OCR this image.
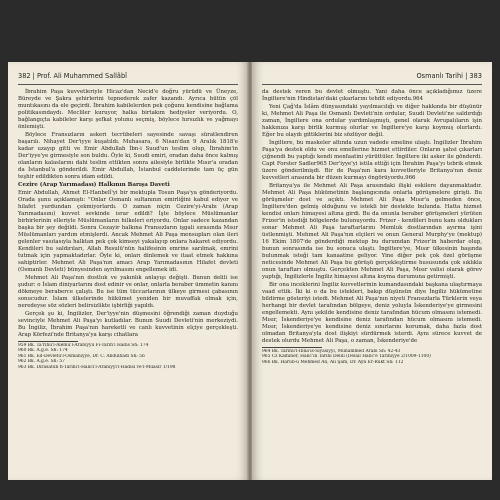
382 | Prof. Ali Muhammed Sallâbî

İbrahim Paşa kuvvetleriyle Hicaz'dan Necid'e doğru yürüdü ve Üneyze, Büreyde ve Şakra şehirlerini tepnederek zafer kazandı. Ayrıca bütün çöl muntıkasını da ele geçirdi. İbrahim kabilelerden pek çoğunu kendisine bağlama politikasındaydı. Mecliler kuruyor, halka birtakım hediyeler veriyordu. O, bağlangıçta kabileler karşı şefkat yolunu seçmiş, böylece hırsızlık ve yağmayı önlemişti.

Böylece Fransızların askeri tecrübeleri sayesinde savaşı süratlendiren başarılı. Nihayet Der'iyye kuşatıldı. Muhasara, 6 Nisan'dan 9 Aralık 1818'e kadar uzayıp gitti ve Emir Abdullah İbn-i Suud'un teslim olup, İbrahim'in Der'iyye'ye girmesiyle son buldu. Öyle ki, Suudi emiri, oradan daha önce kalmış olanların kalaslarını dahi teslim ettikten sonra ailesiyle birlikte Mısır'a oradan da İstanbul'a gönderildi. Emir Abdullah, İstanbul caddelerinde tam üç gün teşhir edildikten sonra idam edildi.

Cezire (Arap Yarımadası) Halkının Barışa Daveti

Emir Abdullah, Ahmet El-Hanbelî'yi bir mektupla Tosun Paşa'ya gönderiyordu. Orada şunu açıklamıştı: "Onlar Osmanlı sultanının emirliğini kabul ediyor ve hilafet yurdundan çekmiyorlardı. O zaman niçin Cezire'yi-Arabı (Arap Yarımadasını) kuvvet sevkinde israr edildi? İşte böylece Müslümanlar birbirlerinin elleriyle Müslümanların hilkeleri eriyordu. Onlar sadece kazandan başka bir şey değildi. Sonra Cezayir halkına Fransızların işgali sırasında Mısır Müslümanları yardım etmişlerdi. Ancak Mehmet Ali Paşa mensupları olan ileri gelenler vasıtasıyla halktan pek çok kimseyi yakalayıp onlara hakaret ediyordu. Kendileri bu saldırıları, Allah Resulü'nün halifesinin emrine sarılmak, emrini tutmak için yapmaktadırlar. Öyle ki, onları dinlemek ve itaat etmek hakkına sahiptirler. Mehmet Ali Paşa'nın amacı Arap Yarımadasının Hilafet devleti (Osmanlı Devleti) bünyesinden ayrılmasını engellemek idi.

Mehmet Ali Paşa'nın dostluk ve yakınlık anlayışı değişti. Bunun delili ise şudur: o İslam diniyarlarını dost edinir ve onlar, onlarla beraber ümmetin kanını dökmeye beraberce çalıştı. Bu ise tüm tüccarlarının ülkeye girmesi çabasının sonucudur. İslam ülkelerinde hükümet yeniden bir muvaffak olmak için, neredeyse söz sözleri belirsizlikte işbirliği yapıldı.

Gerçek şu ki, İngilizler, Der'iyye'nin düşmesini öğrendiği zaman duyduğu sevinciyle Mehmet Ali Paşa'yı kutladılar. Bunun Suudi Devleti'nin merkeziydi. Bu İngiliz, İbrahim Paşa'nın hareketli ve canlı kuvvetinin elçiye gerçekleşti. Arap Körfezi'nde Britanya'ya karşı cihatlara

959 Bk. Ta'rihü'l-Alemü'l-Arabiyyü Fi-Tarih'i Hadis Sh: 174
960 Bk. A.g.e. Sh: 174
961 Bk. Ed-Devletü'l-Osmaniyye, Dr. C. Abdulhadi Sh: 56
962 Bk. A.g.e. Sh: 57
963 Bk. Dirasatün fi-Tarihi'l-Halici'l-Arabiyyi'l-Hadisi ve'l-Muasır 1/198
Osmanlı Tarihi | 383

da destek veren bu devlet olmuştu. Yani daha önce açıkladığımız üzere İngiltere'nin Hindistan'daki çıkarlarını tehdit ediyordu.964

Yeni Çağ'da İslâm dünyasındaki yayılmacılığı ve diğer hakkında bir düşünür ki, Mehmet Ali Paşa ile Osmanlı Devleti'nin ordular, Suudi Devleti'ne saldırdığı zaman, İngiltere ona ordular yardımlaşmıştı, genel olarak Avrupalıların işin hakkınıza karşı birlik kurmuş olurlar ve İngiltere'ye karşı koymuş olurlardı. Eğer bu olaydı gittiklerini biz sözlüyor değil.

İngiltere, bu maskeler altında uzun vadede emeline ulaştı. İngilizler İbrahim Paşa'ya destek oldu ve onu emellerine hizmet ettirdiler. Onların şahsi çıkarları çiğnendi bu yaptığı kendi menfaatini yürüttüler. İngiltere iki asker ile gönderdi. Capt Forster Sadler965 Der'iyye'yi istila ettiği için İbrahim Paşa'yı tebrik etmek üzere gönderilmişdi. Bir de Paşa'nın kara kuvvetleriyle Britanya'nın deniz kuvvetleri arasında bir düzen kurmayı öngörüyordu.966

Britanya'ya ile Mehmet Ali Paşa arasındaki ilişki eskilere dayanmaktadır. Mehmet Ali Paşa hükümetinin başlangıcında onlarla görüşmelere girişti. Bu görüşmeler dost ve açıktı. Mehmet Ali Paşa Mısır'a gelmeden önce, İngiltere'den gelmiş olduğunu ve istekli bir destekte bulunda. Hatta hizmet kendisi onları himayesi altına girdi. Bu da onunla beraber görüşmeleri yürüten Frizer'in istediği bölgelerde bulunuyordu. Frizer - kendileri bunu kanı oldukları sonar Mehmet Ali Paşa taraftarlarını Memluk dostlarından ayırma işini üstlenmişti. Mehmet Ali Paşa'nın elçileri ve onun General Murphy'ye (mektup) 16 Ekim 1807'de gönderdiği mektup bu durumdan Frizer'in haberdar olup, bunun sonrasında ise bu sonuca ulaştı. İngiltere'ye, Mısır ülkesinin başında bulunmak isteği tam kanaatine geliyor. Yine diğer pek çok özel görüşme neticesinde Mehmet Ali Paşa bu görüşü gerçekleştirme hususunda çok sıklıkla onun taraftarı olmuştu. Gerçekten Mehmet Ali Paşa, Mısır valisi olarak görev yaptığı, İngilizlerle İngiliz himayesi altına koyma durumuna getirmişti.

Bir ona inceklerini İngiliz kuvvetlerinin kumandasındaki başkana ulaştırmaya vaad ettik. İki ki o da bu istekleri, bakıp düşünsün diye İngiliz hükümetine bildirme gösteriyi istedi. Mehmet Ali Paşa'nın niyeti Fransızlarla Türklerin veya herhangi bir devlet tarafından bölgeye, deniz yoluyla İskenderiye'ye girmesini engellemekti. Aynı şekilde kendisine deniz tarafından hücum olmasını istemedi. Mısır, İskenderiye'ye kendisine deniz tarafından hücum olmasını istemedi. Mısır, İskenderiye'ye kendisine deniz sınırlarını korumak, daha fazla dost olmadan Britanya'yla dost ilişkiyi sürdürmek isterdi. Aynı sürece kuvvet de destek olurdu Mehmet Ali Paşa, o zaman, İskenderiye'de

964 Bk. Tarihü'l-İbna'is-Siyasiyyi, Muhammed Arabi Sh: 42-43
965 Cz Kaminer, Halic'in Tarihi Delili (Delail Halic'e Tarihiyye 2/1009-1100)
966 Bk. Harub-ü Mehmed Ali, Ali Şam, Dr. Ayn Er-Rukt Sh: 112
